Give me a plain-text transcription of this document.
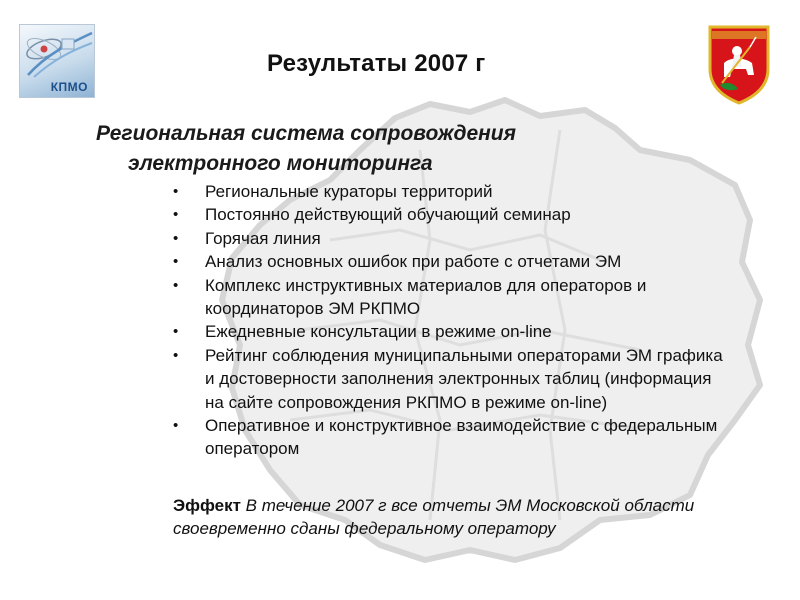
КПМО
Результаты 2007 г
Региональная система сопровождения
электронного мониторинга
• Региональные кураторы территорий
• Постоянно действующий обучающий семинар
• Горячая линия
• Анализ основных ошибок при работе с отчетами ЭМ
• Комплекс инструктивных материалов для операторов и координаторов ЭМ РКПМО
• Ежедневные консультации в режиме on-line
• Рейтинг соблюдения муниципальными операторами ЭМ графика и достоверности заполнения электронных таблиц (информация на сайте сопровождения РКПМО в режиме on-line)
• Оперативное и конструктивное взаимодействие с федеральным оператором
Эффект В течение 2007 г все отчеты ЭМ Московской области своевременно сданы федеральному оператору
